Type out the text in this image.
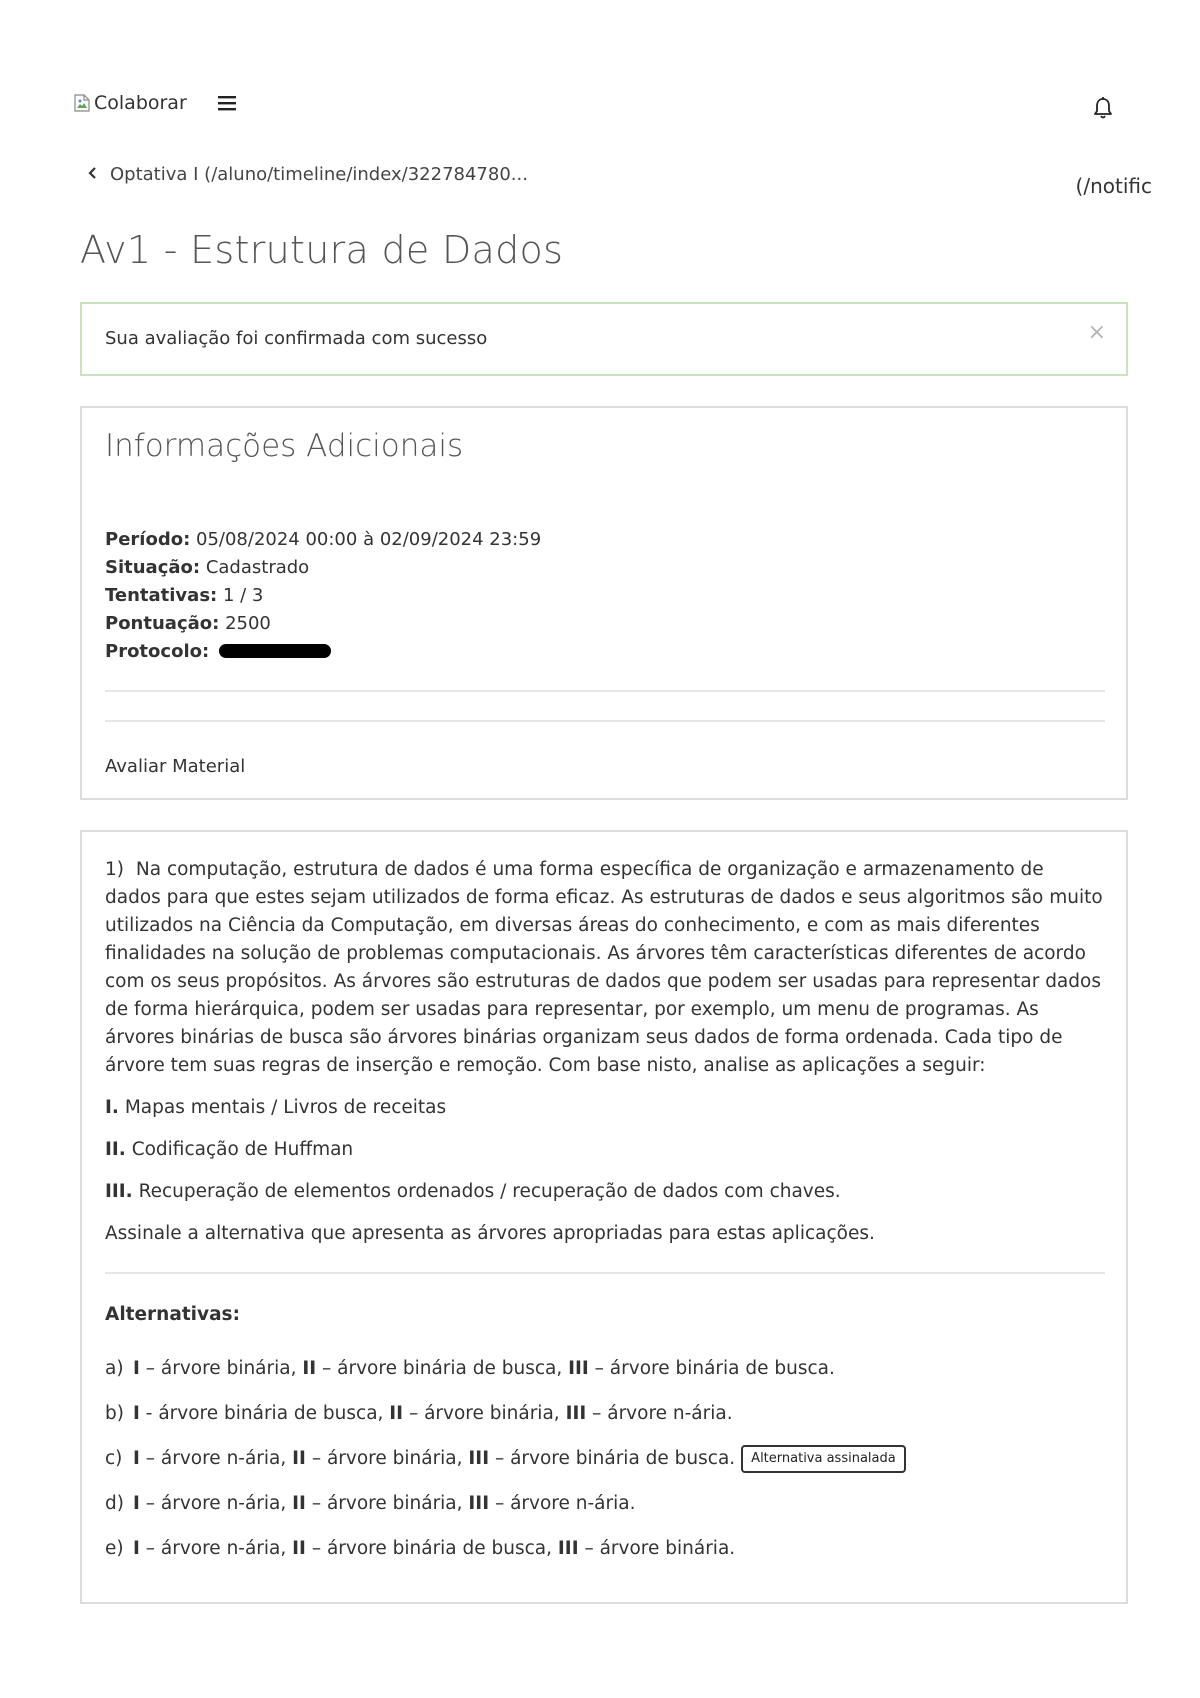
Colaborar
Optativa I (/aluno/timeline/index/322784780...	(/notific
Av1 - Estrutura de Dados
Sua avaliação foi confirmada com sucesso	×
Informações Adicionais
Período: 05/08/2024 00:00 à 02/09/2024 23:59
Situação: Cadastrado
Tentativas: 1 / 3
Pontuação: 2500
Protocolo:
Avaliar Material

1) Na computação, estrutura de dados é uma forma específica de organização e armazenamento de dados para que estes sejam utilizados de forma eficaz. As estruturas de dados e seus algoritmos são muito utilizados na Ciência da Computação, em diversas áreas do conhecimento, e com as mais diferentes finalidades na solução de problemas computacionais. As árvores têm características diferentes de acordo com os seus propósitos. As árvores são estruturas de dados que podem ser usadas para representar dados de forma hierárquica, podem ser usadas para representar, por exemplo, um menu de programas. As árvores binárias de busca são árvores binárias organizam seus dados de forma ordenada. Cada tipo de árvore tem suas regras de inserção e remoção. Com base nisto, analise as aplicações a seguir:

I. Mapas mentais / Livros de receitas

II. Codificação de Huffman

III. Recuperação de elementos ordenados / recuperação de dados com chaves.

Assinale a alternativa que apresenta as árvores apropriadas para estas aplicações.

Alternativas:
a) I – árvore binária, II – árvore binária de busca, III – árvore binária de busca.
b) I - árvore binária de busca, II – árvore binária, III – árvore n-ária.
c) I – árvore n-ária, II – árvore binária, III – árvore binária de busca.	Alternativa assinalada
d) I – árvore n-ária, II – árvore binária, III – árvore n-ária.
e) I – árvore n-ária, II – árvore binária de busca, III – árvore binária.
